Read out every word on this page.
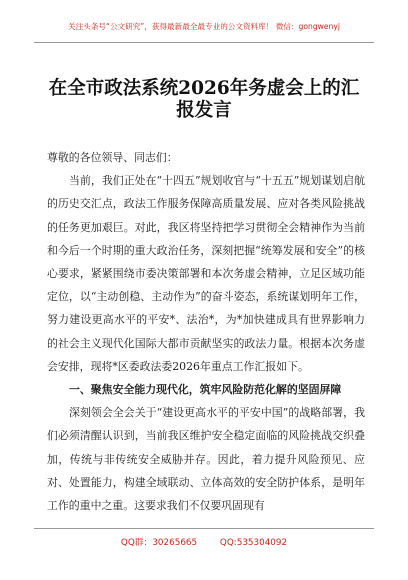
关注头条号“公文研究”，获得最新最全最专业的公文资料库！ 微信：gongwenyj
在全市政法系统2026年务虚会上的汇报发言

尊敬的各位领导、同志们：

当前，我们正处在“十四五”规划收官与“十五五”规划谋划启航的历史交汇点，政法工作服务保障高质量发展、应对各类风险挑战的任务更加艰巨。对此，我区将坚持把学习贯彻全会精神作为当前和今后一个时期的重大政治任务，深刻把握“统筹发展和安全”的核心要求，紧紧围绕市委决策部署和本次务虚会精神，立足区域功能定位，以“主动创稳、主动作为”的奋斗姿态，系统谋划明年工作，努力建设更高水平的平安*、法治*，为*加快建成具有世界影响力的社会主义现代化国际大都市贡献坚实的政法力量。根据本次务虚会安排，现将*区委政法委2026年重点工作汇报如下。

一、聚焦安全能力现代化，筑牢风险防范化解的坚固屏障

深刻领会全会关于“建设更高水平的平安中国”的战略部署，我们必须清醒认识到，当前我区维护安全稳定面临的风险挑战交织叠加，传统与非传统安全威胁并存。因此，着力提升风险预见、应对、处置能力，构建全域联动、立体高效的安全防护体系，是明年工作的重中之重。这要求我们不仅要巩固现有

QQ群：30265665	QQ:535304092
